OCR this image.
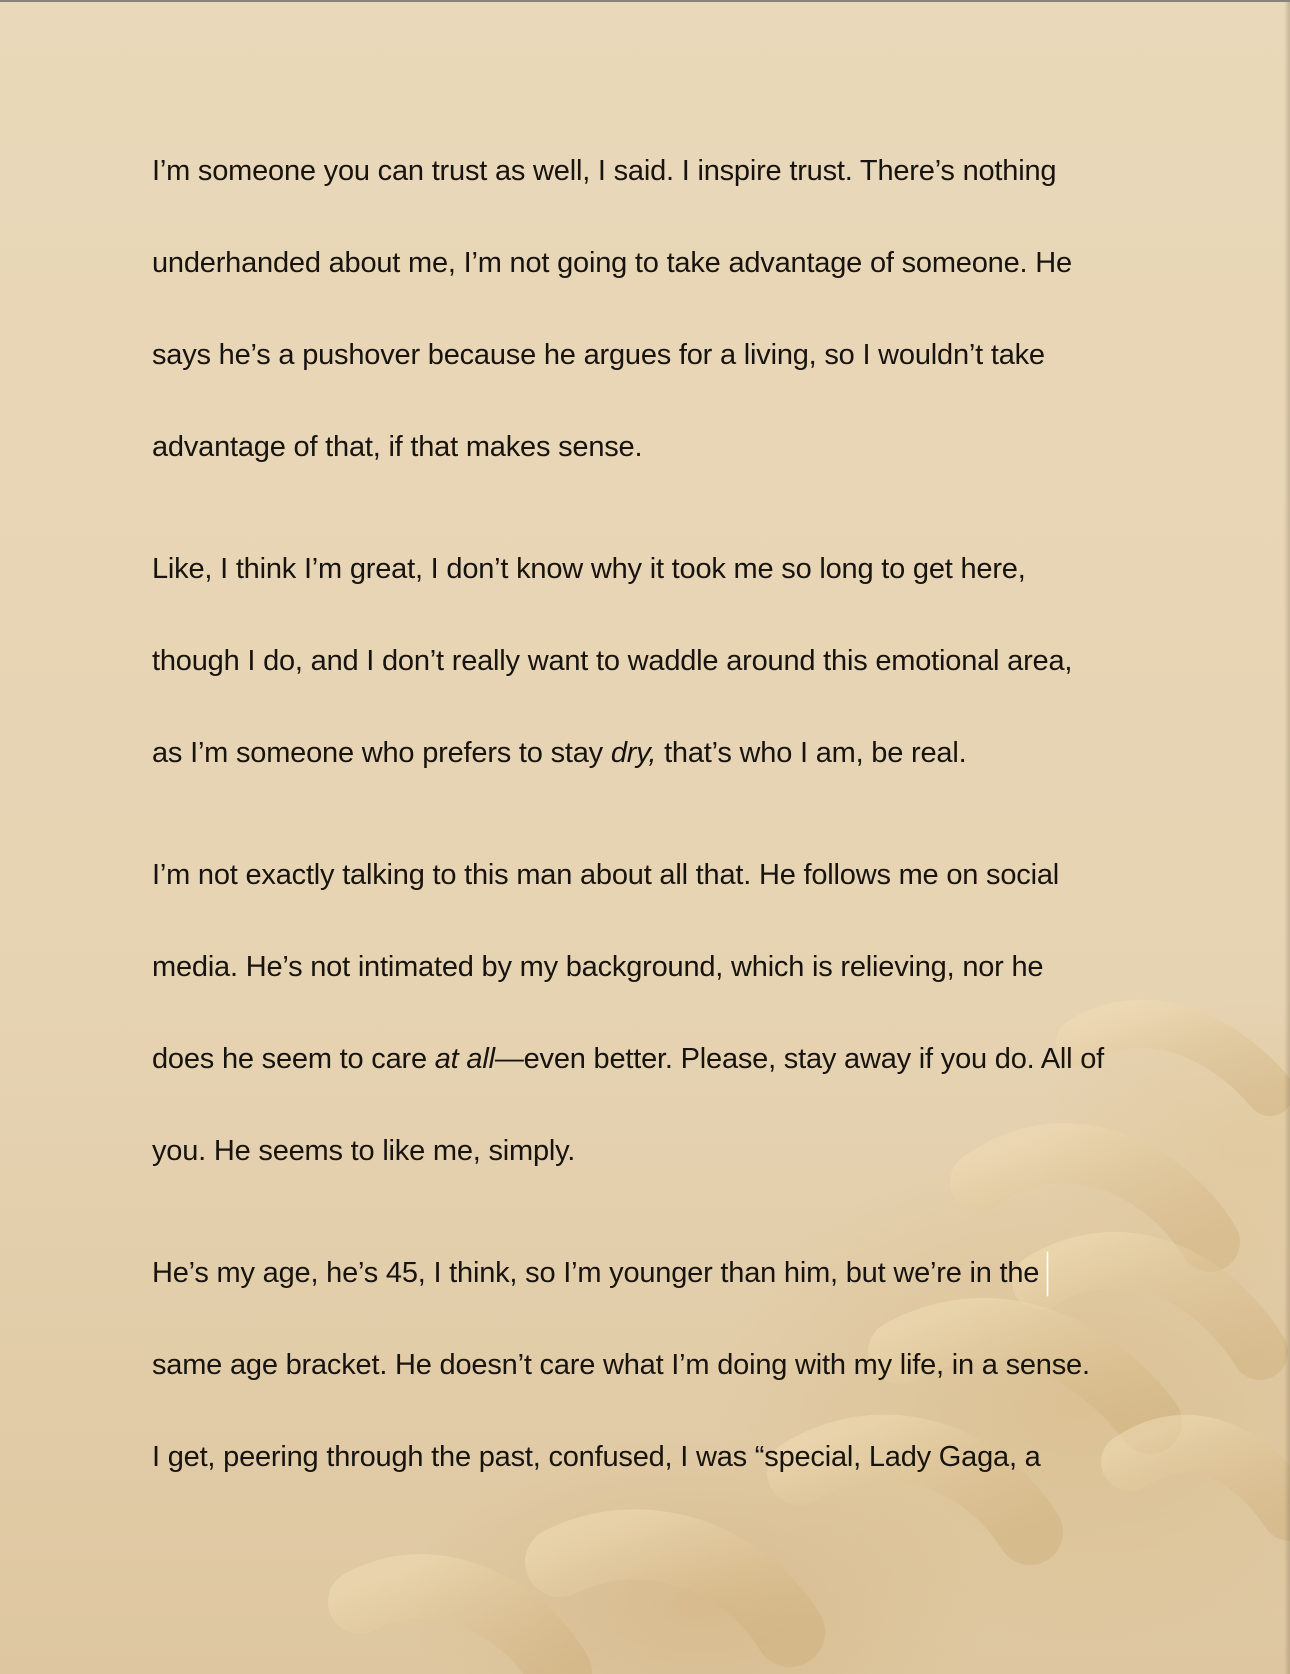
I’m someone you can trust as well, I said. I inspire trust. There’s nothing
underhanded about me, I’m not going to take advantage of someone. He
says he’s a pushover because he argues for a living, so I wouldn’t take
advantage of that, if that makes sense.
Like, I think I’m great, I don’t know why it took me so long to get here,
though I do, and I don’t really want to waddle around this emotional area,
as I’m someone who prefers to stay dry, that’s who I am, be real.
I’m not exactly talking to this man about all that. He follows me on social
media. He’s not intimated by my background, which is relieving, nor he
does he seem to care at all—even better. Please, stay away if you do. All of
you. He seems to like me, simply.
He’s my age, he’s 45, I think, so I’m younger than him, but we’re in the
same age bracket. He doesn’t care what I’m doing with my life, in a sense.
I get, peering through the past, confused, I was “special, Lady Gaga, a
